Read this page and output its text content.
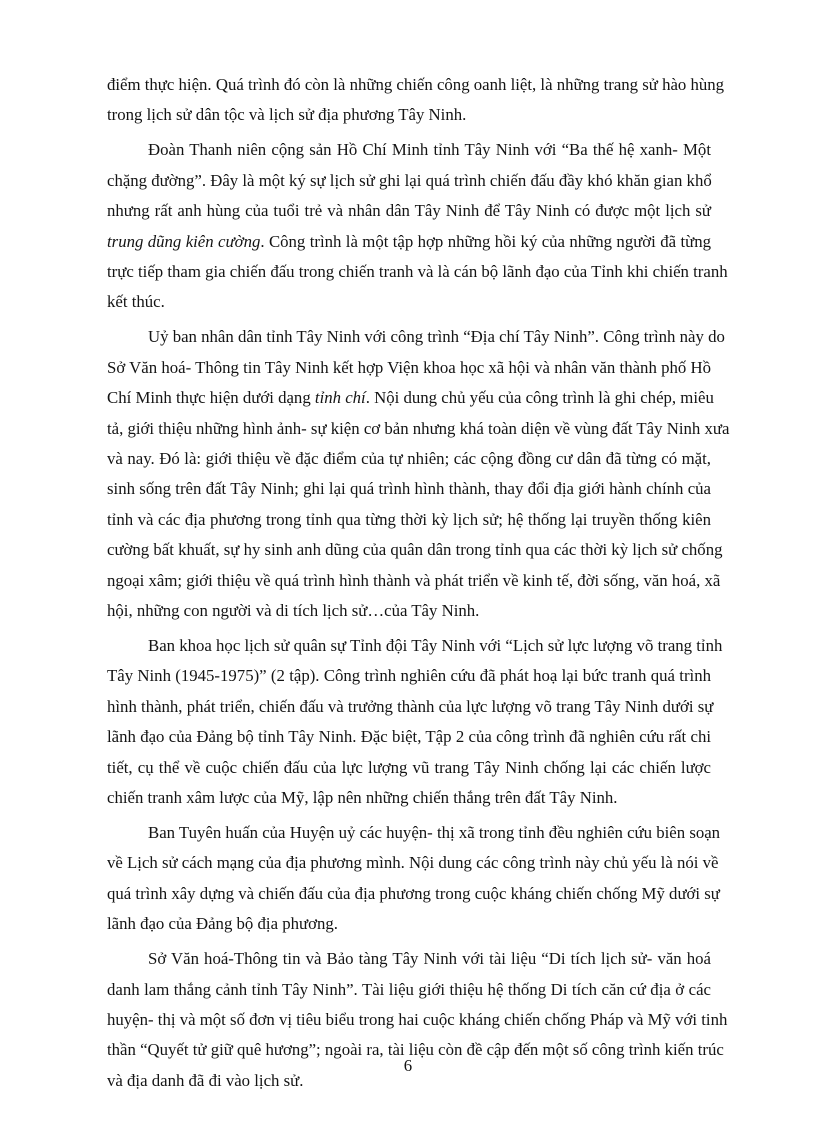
điểm thực hiện. Quá trình đó còn là những chiến công oanh liệt, là những trang sử hào hùng
trong lịch sử dân tộc và lịch sử địa phương Tây Ninh.
Đoàn Thanh niên cộng sản Hồ Chí Minh tỉnh Tây Ninh với “Ba thế hệ xanh- Một
chặng đường”. Đây là một ký sự lịch sử ghi lại quá trình chiến đấu đầy khó khăn gian khổ
nhưng rất anh hùng của tuổi trẻ và nhân dân Tây Ninh để Tây Ninh có được một lịch sử
trung dũng kiên cường. Công trình là một tập hợp những hồi ký của những người đã từng
trực tiếp tham gia chiến đấu trong chiến tranh và là cán bộ lãnh đạo của Tỉnh khi chiến tranh
kết thúc.
Uỷ ban nhân dân tỉnh Tây Ninh với công trình “Địa chí Tây Ninh”. Công trình này do
Sở Văn hoá- Thông tin Tây Ninh kết hợp Viện khoa học xã hội và nhân văn thành phố Hồ
Chí Minh thực hiện dưới dạng tỉnh chí. Nội dung chủ yếu của công trình là ghi chép, miêu
tả, giới thiệu những hình ảnh- sự kiện cơ bản nhưng khá toàn diện về vùng đất Tây Ninh xưa
và nay. Đó là: giới thiệu về đặc điểm của tự nhiên; các cộng đồng cư dân đã từng có mặt,
sinh sống trên đất Tây Ninh; ghi lại quá trình hình thành, thay đổi địa giới hành chính của
tỉnh và các địa phương trong tỉnh qua từng thời kỳ lịch sử; hệ thống lại truyền thống kiên
cường bất khuất, sự hy sinh anh dũng của quân dân trong tỉnh qua các thời kỳ lịch sử chống
ngoại xâm; giới thiệu về quá trình hình thành và phát triển về kinh tế, đời sống, văn hoá, xã
hội, những con người và di tích lịch sử…của Tây Ninh.
Ban khoa học lịch sử quân sự Tỉnh đội Tây Ninh với “Lịch sử lực lượng võ trang tỉnh
Tây Ninh (1945-1975)” (2 tập). Công trình nghiên cứu đã phát hoạ lại bức tranh quá trình
hình thành, phát triển, chiến đấu và trưởng thành của lực lượng võ trang Tây Ninh dưới sự
lãnh đạo của Đảng bộ tỉnh Tây Ninh. Đặc biệt, Tập 2 của công trình đã nghiên cứu rất chi
tiết, cụ thể về cuộc chiến đấu của lực lượng vũ trang Tây Ninh chống lại các chiến lược
chiến tranh xâm lược của Mỹ, lập nên những chiến thắng trên đất Tây Ninh.
Ban Tuyên huấn của Huyện uỷ các huyện- thị xã trong tỉnh đều nghiên cứu biên soạn
về Lịch sử cách mạng của địa phương mình. Nội dung các công trình này chủ yếu là nói về
quá trình xây dựng và chiến đấu của địa phương trong cuộc kháng chiến chống Mỹ dưới sự
lãnh đạo của Đảng bộ địa phương.
Sở Văn hoá-Thông tin và Bảo tàng Tây Ninh với tài liệu “Di tích lịch sử- văn hoá
danh lam thắng cảnh tỉnh Tây Ninh”. Tài liệu giới thiệu hệ thống Di tích căn cứ địa ở các
huyện- thị và một số đơn vị tiêu biểu trong hai cuộc kháng chiến chống Pháp và Mỹ với tinh
thần “Quyết tử giữ quê hương”; ngoài ra, tài liệu còn đề cập đến một số công trình kiến trúc
và địa danh đã đi vào lịch sử.
6
